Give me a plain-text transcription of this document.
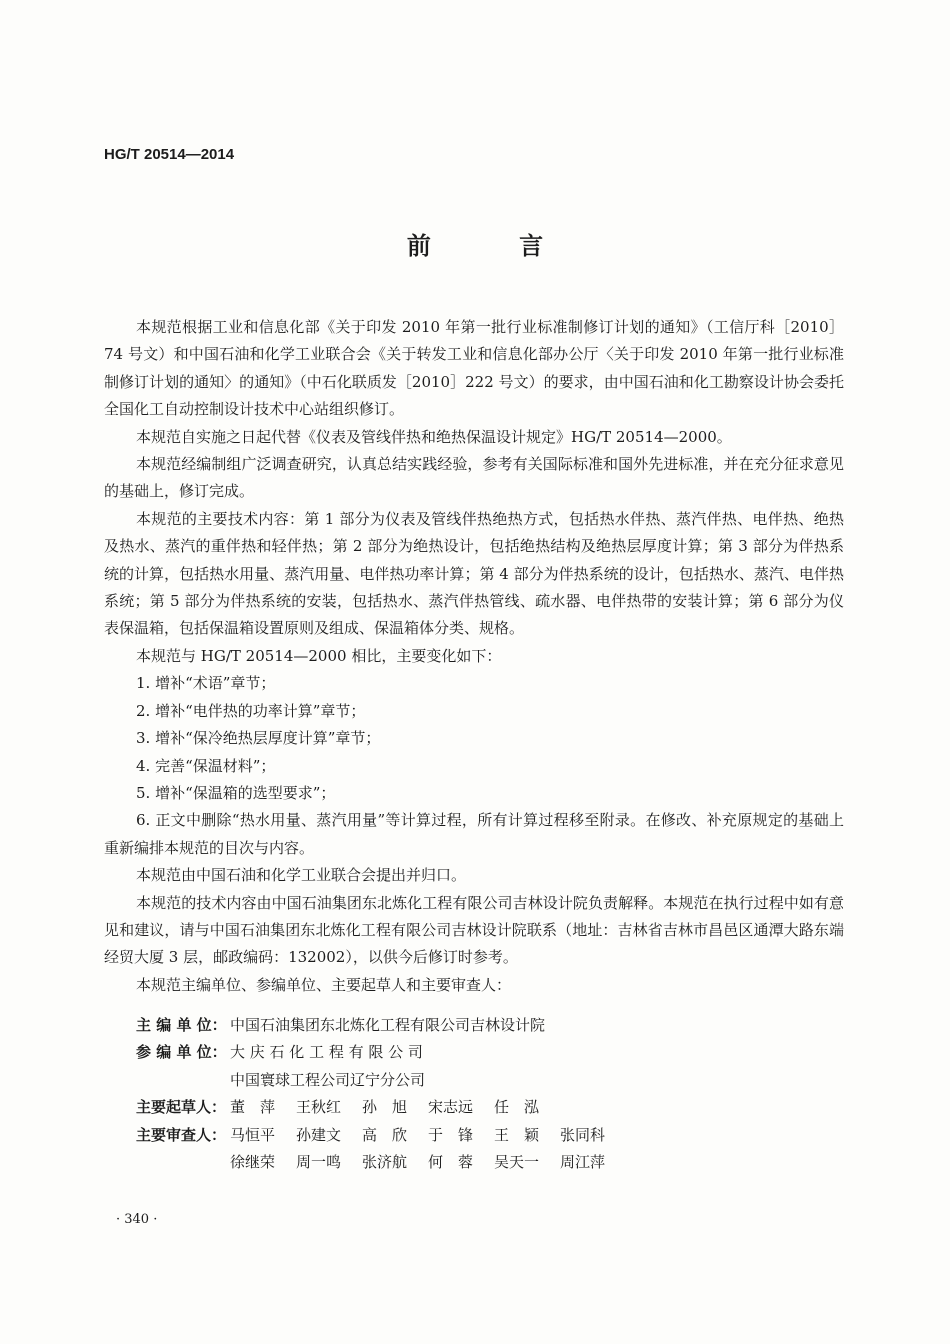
HG/T 20514—2014
前 言

本规范根据工业和信息化部《关于印发 2010 年第一批行业标准制修订计划的通知》（工信厅科［2010］74 号文）和中国石油和化学工业联合会《关于转发工业和信息化部办公厅〈关于印发 2010 年第一批行业标准制修订计划的通知〉的通知》（中石化联质发［2010］222 号文）的要求，由中国石油和化工勘察设计协会委托全国化工自动控制设计技术中心站组织修订。

本规范自实施之日起代替《仪表及管线伴热和绝热保温设计规定》HG/T 20514—2000。

本规范经编制组广泛调查研究，认真总结实践经验，参考有关国际标准和国外先进标准，并在充分征求意见的基础上，修订完成。

本规范的主要技术内容：第 1 部分为仪表及管线伴热绝热方式，包括热水伴热、蒸汽伴热、电伴热、绝热及热水、蒸汽的重伴热和轻伴热；第 2 部分为绝热设计，包括绝热结构及绝热层厚度计算；第 3 部分为伴热系统的计算，包括热水用量、蒸汽用量、电伴热功率计算；第 4 部分为伴热系统的设计，包括热水、蒸汽、电伴热系统；第 5 部分为伴热系统的安装，包括热水、蒸汽伴热管线、疏水器、电伴热带的安装计算；第 6 部分为仪表保温箱，包括保温箱设置原则及组成、保温箱体分类、规格。

本规范与 HG/T 20514—2000 相比，主要变化如下：

1. 增补“术语”章节；

2. 增补“电伴热的功率计算”章节；

3. 增补“保冷绝热层厚度计算”章节；

4. 完善“保温材料”；

5. 增补“保温箱的选型要求”；

6. 正文中删除“热水用量、蒸汽用量”等计算过程，所有计算过程移至附录。在修改、补充原规定的基础上重新编排本规范的目次与内容。

本规范由中国石油和化学工业联合会提出并归口。

本规范的技术内容由中国石油集团东北炼化工程有限公司吉林设计院负责解释。本规范在执行过程中如有意见和建议，请与中国石油集团东北炼化工程有限公司吉林设计院联系（地址：吉林省吉林市昌邑区通潭大路东端经贸大厦 3 层，邮政编码：132002），以供今后修订时参考。

本规范主编单位、参编单位、主要起草人和主要审查人：

主 编 单 位： 中国石油集团东北炼化工程有限公司吉林设计院
参 编 单 位： 大 庆 石 化 工 程 有 限 公 司
中国寰球工程公司辽宁分公司
主要起草人： 董　萍	王秋红	孙　旭	宋志远	任　泓
主要审查人： 马恒平	孙建文	高　欣	于　锋	王　颖	张同科
徐继荣	周一鸣	张济航	何　蓉	吴天一	周江萍
· 340 ·
